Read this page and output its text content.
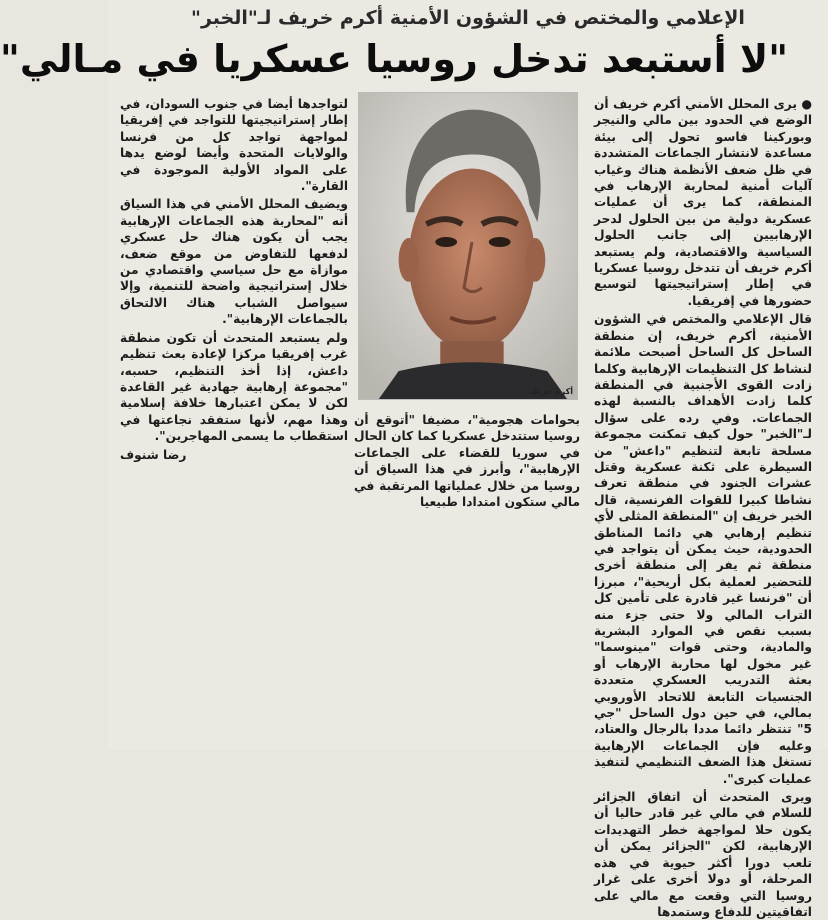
الإعلامي والمختص في الشؤون الأمنية أكرم خريف لـ"الخبر"
"لا أستبعد تدخل روسيا عسكريا في مـالي"

● يرى المحلل الأمني أكرم خريف أن الوضع في الحدود بين مالي والنيجر وبوركينا فاسو تحول إلى بيئة مساعدة لانتشار الجماعات المتشددة في ظل ضعف الأنظمة هناك وغياب آليات أمنية لمحاربة الإرهاب في المنطقة، كما يرى أن عمليات عسكرية دولية من بين الحلول لدحر الإرهابيين إلى جانب الحلول السياسية والاقتصادية، ولم يستبعد أكرم خريف أن تتدخل روسيا عسكريا في إطار إستراتيجيتها لتوسيع حضورها في إفريقيا.

قال الإعلامي والمختص في الشؤون الأمنية، أكرم خريف، إن منطقة الساحل كل الساحل أصبحت ملائمة لنشاط كل التنظيمات الإرهابية وكلما زادت القوى الأجنبية في المنطقة كلما زادت الأهداف بالنسبة لهذه الجماعات. وفي رده على سؤال لـ"الخبر" حول كيف تمكنت مجموعة مسلحة تابعة لتنظيم "داعش" من السيطرة على ثكنة عسكرية وقتل عشرات الجنود في منطقة تعرف نشاطا كبيرا للقوات الفرنسية، قال الخبر خريف إن "المنطقة المثلى لأي تنظيم إرهابي هي دائما المناطق الحدودية، حيث يمكن أن يتواجد في منطقة ثم يفر إلى منطقة أخرى للتحضير لعملية بكل أريحية"، مبرزا أن "فرنسا غير قادرة على تأمين كل التراب المالي ولا حتى جزء منه بسبب نقص في الموارد البشرية والمادية، وحتى قوات "مينوسما" غير مخول لها محاربة الإرهاب أو بعثة التدريب العسكري متعددة الجنسيات التابعة للاتحاد الأوروبي بمالي، في حين دول الساحل "جي 5" تنتظر دائما مددا بالرجال والعتاد، وعليه فإن الجماعات الإرهابية تستغل هذا الضعف التنظيمي لتنفيذ عمليات كبرى".

ويرى المتحدث أن اتفاق الجزائر للسلام في مالي غير قادر حاليا أن يكون حلا لمواجهة خطر التهديدات الإرهابية، لكن "الجزائر يمكن أن تلعب دورا أكثر حيوية في هذه المرحلة، أو دولا أخرى على غرار روسيا التي وقعت مع مالي على اتفاقيتين للدفاع وستمدها

أكرم خريف

بحوامات هجومية"، مضيفا "أتوقع أن روسيا ستتدخل عسكريا كما كان الحال في سوريا للقضاء على الجماعات الإرهابية"، وأبرز في هذا السياق أن روسيا من خلال عملياتها المرتقبة في مالي ستكون امتدادا طبيعيا

لتواجدها أيضا في جنوب السودان، في إطار إستراتيجيتها للتواجد في إفريقيا لمواجهة تواجد كل من فرنسا والولايات المتحدة وأيضا لوضع يدها على المواد الأولية الموجودة في القارة".

ويضيف المحلل الأمني في هذا السياق أنه "لمحاربة هذه الجماعات الإرهابية يجب أن يكون هناك حل عسكري لدفعها للتفاوض من موقع ضعف، موازاة مع حل سياسي واقتصادي من خلال إستراتيجية واضحة للتنمية، وإلا سيواصل الشباب هناك الالتحاق بالجماعات الإرهابية".

ولم يستبعد المتحدث أن تكون منطقة غرب إفريقيا مركزا لإعادة بعث تنظيم داعش، إذا أخذ التنظيم، حسبه، "مجموعة إرهابية جهادية غير القاعدة لكن لا يمكن اعتبارها خلافة إسلامية وهذا مهم، لأنها ستفقد نجاعتها في استقطاب ما يسمى المهاجرين".

رضا شنوف
